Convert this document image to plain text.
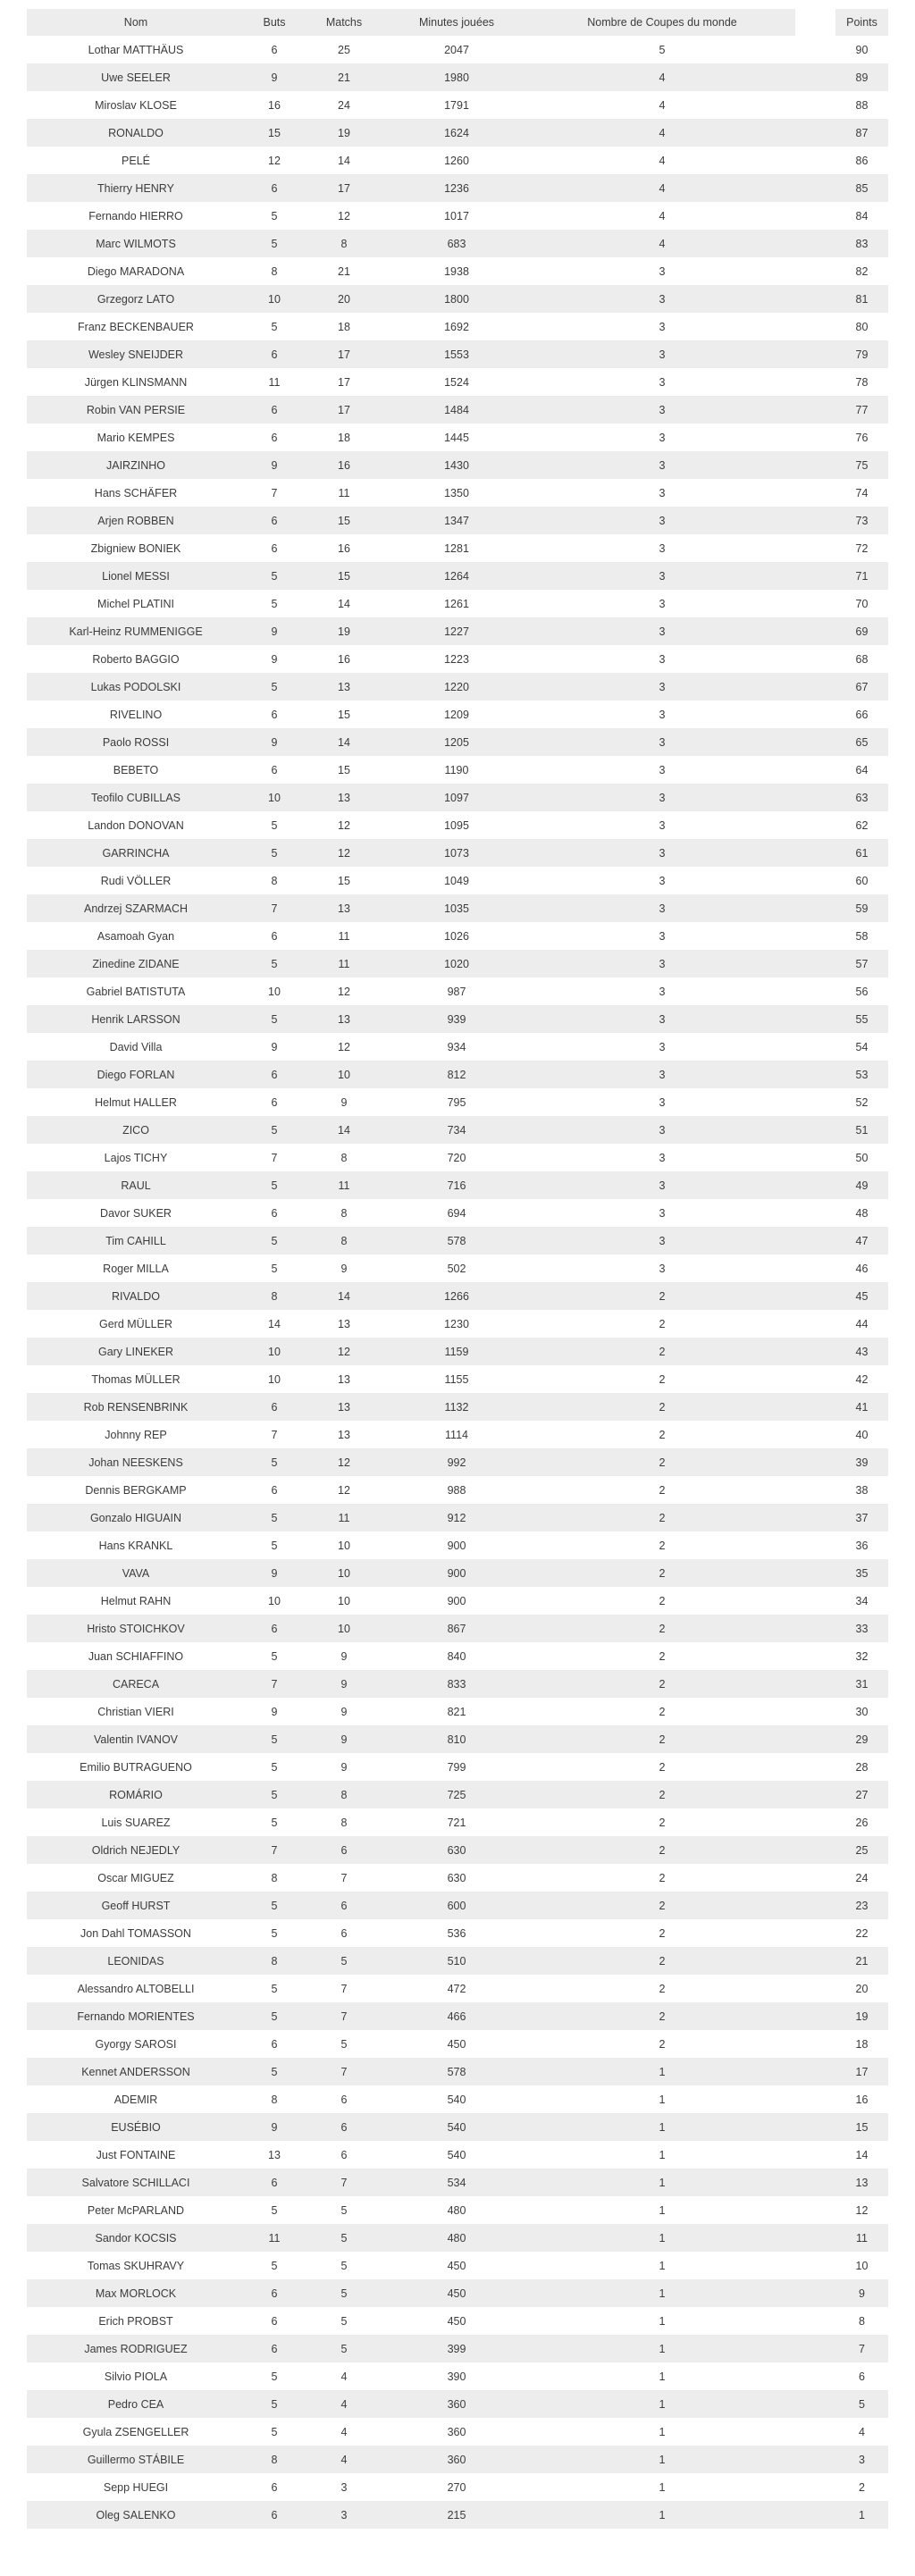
Nom	Buts	Matchs	Minutes jouées	Nombre de Coupes du monde		Points
Lothar MATTHÄUS	6	25	2047	5		90
Uwe SEELER	9	21	1980	4		89
Miroslav KLOSE	16	24	1791	4		88
RONALDO	15	19	1624	4		87
PELÉ	12	14	1260	4		86
Thierry HENRY	6	17	1236	4		85
Fernando HIERRO	5	12	1017	4		84
Marc WILMOTS	5	8	683	4		83
Diego MARADONA	8	21	1938	3		82
Grzegorz LATO	10	20	1800	3		81
Franz BECKENBAUER	5	18	1692	3		80
Wesley SNEIJDER	6	17	1553	3		79
Jürgen KLINSMANN	11	17	1524	3		78
Robin VAN PERSIE	6	17	1484	3		77
Mario KEMPES	6	18	1445	3		76
JAIRZINHO	9	16	1430	3		75
Hans SCHÄFER	7	11	1350	3		74
Arjen ROBBEN	6	15	1347	3		73
Zbigniew BONIEK	6	16	1281	3		72
Lionel MESSI	5	15	1264	3		71
Michel PLATINI	5	14	1261	3		70
Karl-Heinz RUMMENIGGE	9	19	1227	3		69
Roberto BAGGIO	9	16	1223	3		68
Lukas PODOLSKI	5	13	1220	3		67
RIVELINO	6	15	1209	3		66
Paolo ROSSI	9	14	1205	3		65
BEBETO	6	15	1190	3		64
Teofilo CUBILLAS	10	13	1097	3		63
Landon DONOVAN	5	12	1095	3		62
GARRINCHA	5	12	1073	3		61
Rudi VÖLLER	8	15	1049	3		60
Andrzej SZARMACH	7	13	1035	3		59
Asamoah Gyan	6	11	1026	3		58
Zinedine ZIDANE	5	11	1020	3		57
Gabriel BATISTUTA	10	12	987	3		56
Henrik LARSSON	5	13	939	3		55
David Villa	9	12	934	3		54
Diego FORLAN	6	10	812	3		53
Helmut HALLER	6	9	795	3		52
ZICO	5	14	734	3		51
Lajos TICHY	7	8	720	3		50
RAUL	5	11	716	3		49
Davor SUKER	6	8	694	3		48
Tim CAHILL	5	8	578	3		47
Roger MILLA	5	9	502	3		46
RIVALDO	8	14	1266	2		45
Gerd MÜLLER	14	13	1230	2		44
Gary LINEKER	10	12	1159	2		43
Thomas MÜLLER	10	13	1155	2		42
Rob RENSENBRINK	6	13	1132	2		41
Johnny REP	7	13	1114	2		40
Johan NEESKENS	5	12	992	2		39
Dennis BERGKAMP	6	12	988	2		38
Gonzalo HIGUAIN	5	11	912	2		37
Hans KRANKL	5	10	900	2		36
VAVA	9	10	900	2		35
Helmut RAHN	10	10	900	2		34
Hristo STOICHKOV	6	10	867	2		33
Juan SCHIAFFINO	5	9	840	2		32
CARECA	7	9	833	2		31
Christian VIERI	9	9	821	2		30
Valentin IVANOV	5	9	810	2		29
Emilio BUTRAGUENO	5	9	799	2		28
ROMÁRIO	5	8	725	2		27
Luis SUAREZ	5	8	721	2		26
Oldrich NEJEDLY	7	6	630	2		25
Oscar MIGUEZ	8	7	630	2		24
Geoff HURST	5	6	600	2		23
Jon Dahl TOMASSON	5	6	536	2		22
LEONIDAS	8	5	510	2		21
Alessandro ALTOBELLI	5	7	472	2		20
Fernando MORIENTES	5	7	466	2		19
Gyorgy SAROSI	6	5	450	2		18
Kennet ANDERSSON	5	7	578	1		17
ADEMIR	8	6	540	1		16
EUSÉBIO	9	6	540	1		15
Just FONTAINE	13	6	540	1		14
Salvatore SCHILLACI	6	7	534	1		13
Peter McPARLAND	5	5	480	1		12
Sandor KOCSIS	11	5	480	1		11
Tomas SKUHRAVY	5	5	450	1		10
Max MORLOCK	6	5	450	1		9
Erich PROBST	6	5	450	1		8
James RODRIGUEZ	6	5	399	1		7
Silvio PIOLA	5	4	390	1		6
Pedro CEA	5	4	360	1		5
Gyula ZSENGELLER	5	4	360	1		4
Guillermo STÁBILE	8	4	360	1		3
Sepp HUEGI	6	3	270	1		2
Oleg SALENKO	6	3	215	1		1
